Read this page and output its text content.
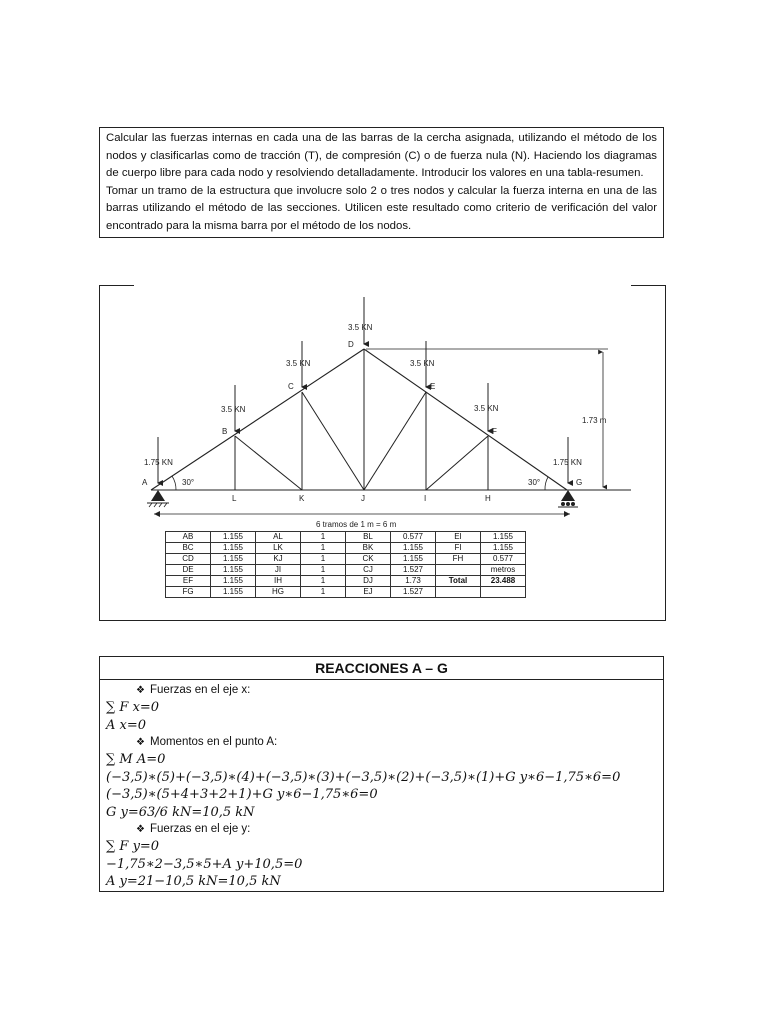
Calcular las fuerzas internas en cada una de las barras de la cercha asignada, utilizando el método de los nodos y clasificarlas como de tracción (T), de compresión (C) o de fuerza nula (N). Haciendo los diagramas de cuerpo libre para cada nodo y resolviendo detalladamente. Introducir los valores en una tabla-resumen.

Tomar un tramo de la estructura que involucre solo 2 o tres nodos y calcular la fuerza interna en una de las barras utilizando el método de las secciones. Utilicen este resultado como criterio de verificación del valor encontrado para la misma barra por el método de los nodos.

1.75 KN
3.5 KN
3.5 KN
3.5 KN
3.5 KN
3.5 KN
1.75 KN
A
B
C
D
E
F
G
L	K	J	I	H
30°	30°
1.73 m
6 tramos de 1 m = 6 m
AB	1.155	AL	1	BL	0.577	EI	1.155
BC	1.155	LK	1	BK	1.155	FI	1.155
CD	1.155	KJ	1	CK	1.155	FH	0.577
DE	1.155	JI	1	CJ	1.527		metros
EF	1.155	IH	1	DJ	1.73	Total	23.488
FG	1.155	HG	1	EJ	1.527		
REACCIONES A – G
❖ Fuerzas en el eje x:
∑ F x=0
A x=0
❖ Momentos en el punto A:
∑ M A=0
(−3,5)∗(5)+(−3,5)∗(4)+(−3,5)∗(3)+(−3,5)∗(2)+(−3,5)∗(1)+G y∗6−1,75∗6=0
(−3,5)∗(5+4+3+2+1)+G y∗6−1,75∗6=0
G y=63/6 kN=10,5 kN
❖ Fuerzas en el eje y:
∑ F y=0
−1,75∗2−3,5∗5+A y+10,5=0
A y=21−10,5 kN=10,5 kN
